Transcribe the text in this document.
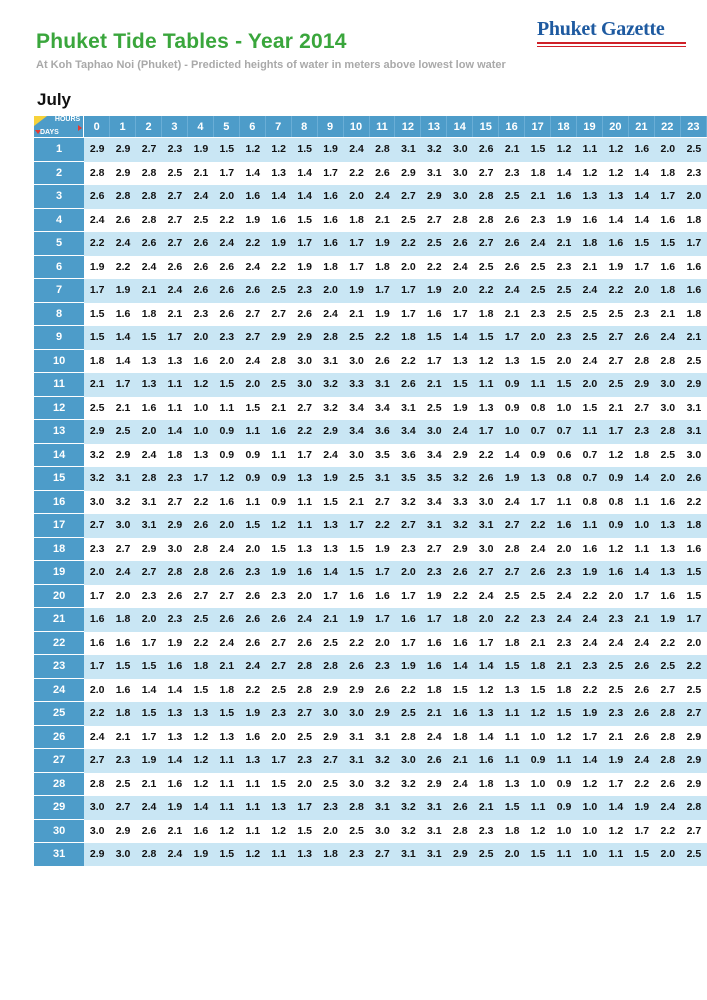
Phuket Tide Tables - Year 2014
At Koh Taphao Noi (Phuket) - Predicted heights of water in meters above lowest low water
Phuket Gazette
July
HOURS
DAYS	0	1	2	3	4	5	6	7	8	9	10	11	12	13	14	15	16	17	18	19	20	21	22	23
1	2.9	2.9	2.7	2.3	1.9	1.5	1.2	1.2	1.5	1.9	2.4	2.8	3.1	3.2	3.0	2.6	2.1	1.5	1.2	1.1	1.2	1.6	2.0	2.5
2	2.8	2.9	2.8	2.5	2.1	1.7	1.4	1.3	1.4	1.7	2.2	2.6	2.9	3.1	3.0	2.7	2.3	1.8	1.4	1.2	1.2	1.4	1.8	2.3
3	2.6	2.8	2.8	2.7	2.4	2.0	1.6	1.4	1.4	1.6	2.0	2.4	2.7	2.9	3.0	2.8	2.5	2.1	1.6	1.3	1.3	1.4	1.7	2.0
4	2.4	2.6	2.8	2.7	2.5	2.2	1.9	1.6	1.5	1.6	1.8	2.1	2.5	2.7	2.8	2.8	2.6	2.3	1.9	1.6	1.4	1.4	1.6	1.8
5	2.2	2.4	2.6	2.7	2.6	2.4	2.2	1.9	1.7	1.6	1.7	1.9	2.2	2.5	2.6	2.7	2.6	2.4	2.1	1.8	1.6	1.5	1.5	1.7
6	1.9	2.2	2.4	2.6	2.6	2.6	2.4	2.2	1.9	1.8	1.7	1.8	2.0	2.2	2.4	2.5	2.6	2.5	2.3	2.1	1.9	1.7	1.6	1.6
7	1.7	1.9	2.1	2.4	2.6	2.6	2.6	2.5	2.3	2.0	1.9	1.7	1.7	1.9	2.0	2.2	2.4	2.5	2.5	2.4	2.2	2.0	1.8	1.6
8	1.5	1.6	1.8	2.1	2.3	2.6	2.7	2.7	2.6	2.4	2.1	1.9	1.7	1.6	1.7	1.8	2.1	2.3	2.5	2.5	2.5	2.3	2.1	1.8
9	1.5	1.4	1.5	1.7	2.0	2.3	2.7	2.9	2.9	2.8	2.5	2.2	1.8	1.5	1.4	1.5	1.7	2.0	2.3	2.5	2.7	2.6	2.4	2.1
10	1.8	1.4	1.3	1.3	1.6	2.0	2.4	2.8	3.0	3.1	3.0	2.6	2.2	1.7	1.3	1.2	1.3	1.5	2.0	2.4	2.7	2.8	2.8	2.5
11	2.1	1.7	1.3	1.1	1.2	1.5	2.0	2.5	3.0	3.2	3.3	3.1	2.6	2.1	1.5	1.1	0.9	1.1	1.5	2.0	2.5	2.9	3.0	2.9
12	2.5	2.1	1.6	1.1	1.0	1.1	1.5	2.1	2.7	3.2	3.4	3.4	3.1	2.5	1.9	1.3	0.9	0.8	1.0	1.5	2.1	2.7	3.0	3.1
13	2.9	2.5	2.0	1.4	1.0	0.9	1.1	1.6	2.2	2.9	3.4	3.6	3.4	3.0	2.4	1.7	1.0	0.7	0.7	1.1	1.7	2.3	2.8	3.1
14	3.2	2.9	2.4	1.8	1.3	0.9	0.9	1.1	1.7	2.4	3.0	3.5	3.6	3.4	2.9	2.2	1.4	0.9	0.6	0.7	1.2	1.8	2.5	3.0
15	3.2	3.1	2.8	2.3	1.7	1.2	0.9	0.9	1.3	1.9	2.5	3.1	3.5	3.5	3.2	2.6	1.9	1.3	0.8	0.7	0.9	1.4	2.0	2.6
16	3.0	3.2	3.1	2.7	2.2	1.6	1.1	0.9	1.1	1.5	2.1	2.7	3.2	3.4	3.3	3.0	2.4	1.7	1.1	0.8	0.8	1.1	1.6	2.2
17	2.7	3.0	3.1	2.9	2.6	2.0	1.5	1.2	1.1	1.3	1.7	2.2	2.7	3.1	3.2	3.1	2.7	2.2	1.6	1.1	0.9	1.0	1.3	1.8
18	2.3	2.7	2.9	3.0	2.8	2.4	2.0	1.5	1.3	1.3	1.5	1.9	2.3	2.7	2.9	3.0	2.8	2.4	2.0	1.6	1.2	1.1	1.3	1.6
19	2.0	2.4	2.7	2.8	2.8	2.6	2.3	1.9	1.6	1.4	1.5	1.7	2.0	2.3	2.6	2.7	2.7	2.6	2.3	1.9	1.6	1.4	1.3	1.5
20	1.7	2.0	2.3	2.6	2.7	2.7	2.6	2.3	2.0	1.7	1.6	1.6	1.7	1.9	2.2	2.4	2.5	2.5	2.4	2.2	2.0	1.7	1.6	1.5
21	1.6	1.8	2.0	2.3	2.5	2.6	2.6	2.6	2.4	2.1	1.9	1.7	1.6	1.7	1.8	2.0	2.2	2.3	2.4	2.4	2.3	2.1	1.9	1.7
22	1.6	1.6	1.7	1.9	2.2	2.4	2.6	2.7	2.6	2.5	2.2	2.0	1.7	1.6	1.6	1.7	1.8	2.1	2.3	2.4	2.4	2.4	2.2	2.0
23	1.7	1.5	1.5	1.6	1.8	2.1	2.4	2.7	2.8	2.8	2.6	2.3	1.9	1.6	1.4	1.4	1.5	1.8	2.1	2.3	2.5	2.6	2.5	2.2
24	2.0	1.6	1.4	1.4	1.5	1.8	2.2	2.5	2.8	2.9	2.9	2.6	2.2	1.8	1.5	1.2	1.3	1.5	1.8	2.2	2.5	2.6	2.7	2.5
25	2.2	1.8	1.5	1.3	1.3	1.5	1.9	2.3	2.7	3.0	3.0	2.9	2.5	2.1	1.6	1.3	1.1	1.2	1.5	1.9	2.3	2.6	2.8	2.7
26	2.4	2.1	1.7	1.3	1.2	1.3	1.6	2.0	2.5	2.9	3.1	3.1	2.8	2.4	1.8	1.4	1.1	1.0	1.2	1.7	2.1	2.6	2.8	2.9
27	2.7	2.3	1.9	1.4	1.2	1.1	1.3	1.7	2.3	2.7	3.1	3.2	3.0	2.6	2.1	1.6	1.1	0.9	1.1	1.4	1.9	2.4	2.8	2.9
28	2.8	2.5	2.1	1.6	1.2	1.1	1.1	1.5	2.0	2.5	3.0	3.2	3.2	2.9	2.4	1.8	1.3	1.0	0.9	1.2	1.7	2.2	2.6	2.9
29	3.0	2.7	2.4	1.9	1.4	1.1	1.1	1.3	1.7	2.3	2.8	3.1	3.2	3.1	2.6	2.1	1.5	1.1	0.9	1.0	1.4	1.9	2.4	2.8
30	3.0	2.9	2.6	2.1	1.6	1.2	1.1	1.2	1.5	2.0	2.5	3.0	3.2	3.1	2.8	2.3	1.8	1.2	1.0	1.0	1.2	1.7	2.2	2.7
31	2.9	3.0	2.8	2.4	1.9	1.5	1.2	1.1	1.3	1.8	2.3	2.7	3.1	3.1	2.9	2.5	2.0	1.5	1.1	1.0	1.1	1.5	2.0	2.5
